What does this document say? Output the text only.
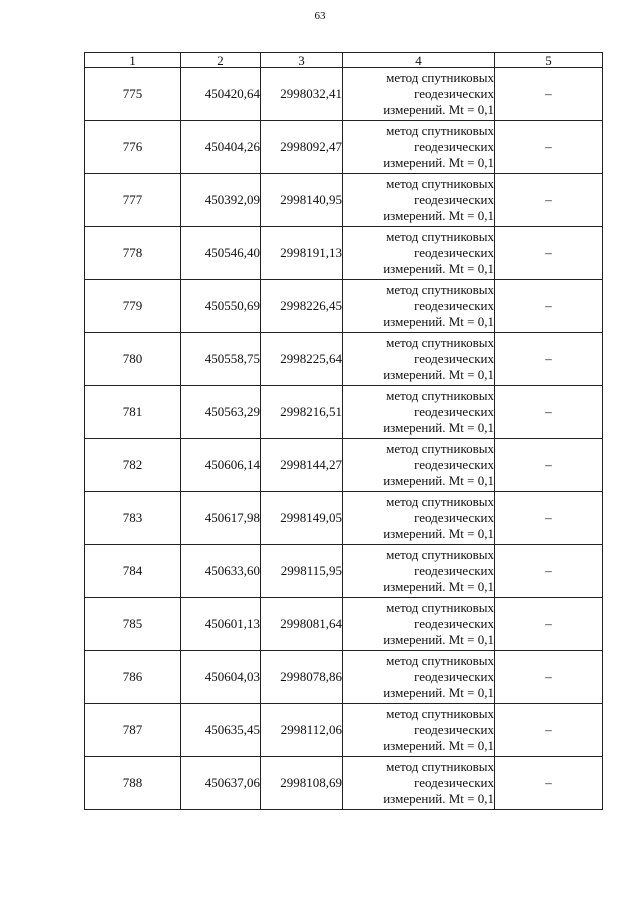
63
1	2	3	4	5
775	450420,64	2998032,41	метод спутниковых
геодезических
измерений. Mt = 0,1	–
776	450404,26	2998092,47	метод спутниковых
геодезических
измерений. Mt = 0,1	–
777	450392,09	2998140,95	метод спутниковых
геодезических
измерений. Mt = 0,1	–
778	450546,40	2998191,13	метод спутниковых
геодезических
измерений. Mt = 0,1	–
779	450550,69	2998226,45	метод спутниковых
геодезических
измерений. Mt = 0,1	–
780	450558,75	2998225,64	метод спутниковых
геодезических
измерений. Mt = 0,1	–
781	450563,29	2998216,51	метод спутниковых
геодезических
измерений. Mt = 0,1	–
782	450606,14	2998144,27	метод спутниковых
геодезических
измерений. Mt = 0,1	–
783	450617,98	2998149,05	метод спутниковых
геодезических
измерений. Mt = 0,1	–
784	450633,60	2998115,95	метод спутниковых
геодезических
измерений. Mt = 0,1	–
785	450601,13	2998081,64	метод спутниковых
геодезических
измерений. Mt = 0,1	–
786	450604,03	2998078,86	метод спутниковых
геодезических
измерений. Mt = 0,1	–
787	450635,45	2998112,06	метод спутниковых
геодезических
измерений. Mt = 0,1	–
788	450637,06	2998108,69	метод спутниковых
геодезических
измерений. Mt = 0,1	–
